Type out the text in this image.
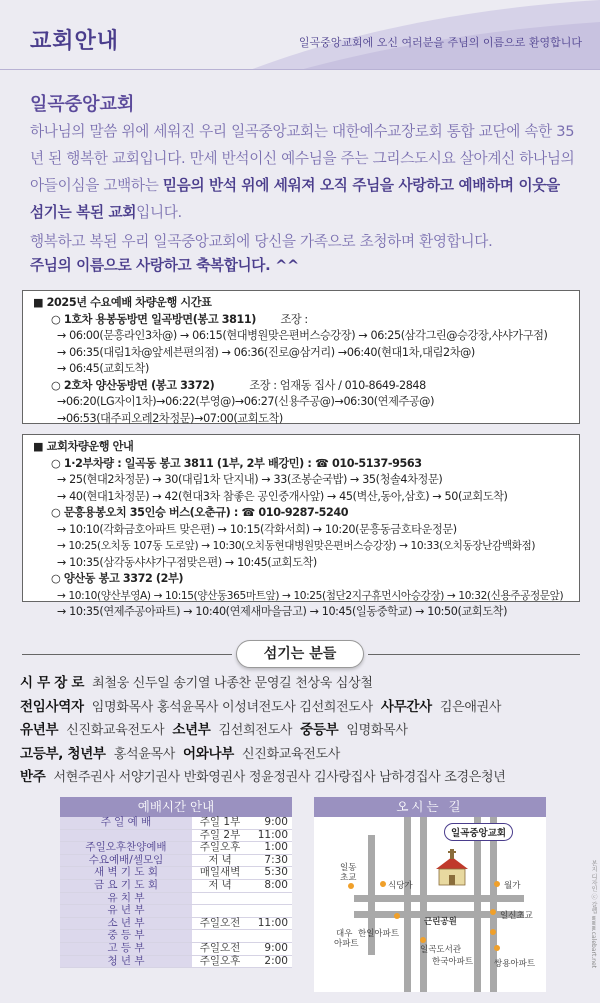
교회안내	일곡중앙교회에 오신 여러분을 주님의 이름으로 환영합니다
일곡중앙교회
하나님의 말씀 위에 세워진 우리 일곡중앙교회는 대한예수교장로회 통합 교단에 속한 35년 된 행복한 교회입니다. 만세 반석이신 예수님을 주는 그리스도시요 살아계신 하나님의 아들이심을 고백하는 믿음의 반석 위에 세워져 오직 주님을 사랑하고 예배하며 이웃을 섬기는 복된 교회입니다.
행복하고 복된 우리 일곡중앙교회에 당신을 가족으로 초청하며 환영합니다.
주님의 이름으로 사랑하고 축복합니다. ^^
■ 2025년 수요예배 차량운행 시간표
○ 1호차 용봉동방면 일곡방면(봉고 3811) 조장 :
→ 06:00(문흥라인3차@) → 06:15(현대병원맞은편버스승강장) → 06:25(삼각그린@승강장,샤샤가구점)
→ 06:35(대림1차@앞세븐편의점) → 06:36(진로@삼거리) →06:40(현대1차,대림2차@)
→ 06:45(교회도착)
○ 2호차 양산동방면 (봉고 3372)	조장 : 엄재동 집사 / 010-8649-2848
→06:20(LG자이1차)→06:22(부영@)→06:27(신용주공@)→06:30(연제주공@)
→06:53(대주피오레2차정문)→07:00(교회도착)
■ 교회차량운행 안내
○ 1·2부차량 : 일곡동 봉고 3811 (1부, 2부 배강민) : ☎ 010-5137-9563
→ 25(현대2차정문) → 30(대림1차 단지내) → 33(조봉순국밥) → 35(청솔4차정문)
→ 40(현대1차정문) → 42(현대3차 참좋은 공인중개사앞) → 45(벽산,동아,삼호) → 50(교회도착)
○ 문흥용봉오치 35인승 버스(오춘규) : ☎ 010-9287-5240
→ 10:10(각화금호아파트 맞은편) → 10:15(각화서희) → 10:20(문흥동금호타운정문)
→ 10:25(오치동 107동 도로앞) → 10:30(오치동현대병원맞은편버스승강장) → 10:33(오치동장난감백화점)
→ 10:35(삼각동샤샤가구점맞은편) → 10:45(교회도착)
○ 양산동 봉고 3372 (2부)
→ 10:10(양산부영A) → 10:15(양산동365마트앞) → 10:25(첨단2지구휴먼시아승강장) → 10:32(신용주공정문앞)
→ 10:35(연제주공아파트) → 10:40(연제새마을금고) → 10:45(일동중학교) → 10:50(교회도착)
섬기는 분들
시 무 장 로 최철웅 신두일 송기열 나종찬 문영길 천상욱 심상철
전임사역자 임명화목사 홍석윤목사 이성녀전도사 김선희전도사 사무간사 김은애권사
유년부 신진화교육전도사 소년부 김선희전도사 중등부 임명화목사
고등부, 청년부 홍석윤목사 어와나부 신진화교육전도사
반주 서현주권사 서양기권사 반화영권사 정윤정권사 김사랑집사 남하경집사 조경은청년
예배시간 안내
주 일 예 배	주일 1부	9:00
	주일 2부	11:00
주일오후찬양예배	주일오후	1:00
수요예배/셀모임	저 녁	7:30
새 벽 기 도 회	매일새벽	5:30
금 요 기 도 회	저 녁	8:00
유 치 부		
유 년 부		
소 년 부	주일오전	11:00
중 등 부		
고 등 부	주일오전	9:00
청 년 부	주일오후	2:00
오시는 길
일곡중앙교회
일동
초교
식당가	월가
근린공원
일신초교
대우
아파트
한일아파트
일곡도서관
한국아파트 쌍용아파트	본지 디자인 ⓒ 갈렙 www.calebart.net
